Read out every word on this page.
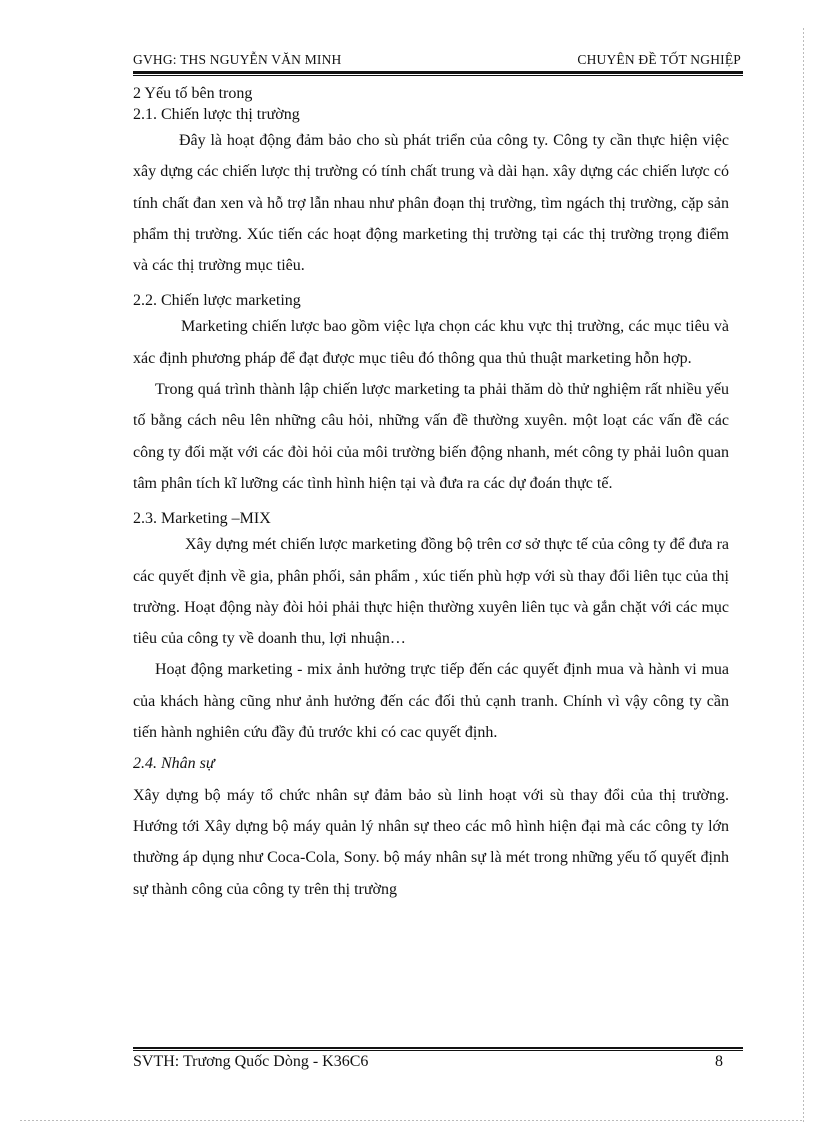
GVHG: THS NGUYỄN VĂN MINH	CHUYÊN ĐỀ TỐT NGHIỆP

2 Yếu tố bên trong

2.1. Chiến lược thị trường

Đây là hoạt động đảm bảo cho sù phát triển của công ty. Công ty cần thực hiện việc xây dựng các chiến lược thị trường có tính chất trung và dài hạn. xây dựng các chiến lược có tính chất đan xen và hỗ trợ lẫn nhau như phân đoạn thị trường, tìm ngách thị trường, cặp sản phẩm thị trường. Xúc tiến các hoạt động marketing thị trường tại các thị trường trọng điểm và các thị trường mục tiêu.

2.2. Chiến lược marketing

Marketing chiến lược bao gồm việc lựa chọn các khu vực thị trường, các mục tiêu và xác định phương pháp để đạt được mục tiêu đó thông qua thủ thuật marketing hỗn hợp.

Trong quá trình thành lập chiến lược marketing ta phải thăm dò thử nghiệm rất nhiều yếu tố bằng cách nêu lên những câu hỏi, những vấn đề thường xuyên. một loạt các vấn đề các công ty đối mặt với các đòi hỏi của môi trường biến động nhanh, mét công ty phải luôn quan tâm phân tích kĩ lưỡng các tình hình hiện tại và đưa ra các dự đoán thực tế.

2.3. Marketing –MIX

Xây dựng mét chiến lược marketing đồng bộ trên cơ sở thực tế của công ty để đưa ra các quyết định về gia, phân phối, sản phẩm , xúc tiến phù hợp với sù thay đổi liên tục của thị trường. Hoạt động này đòi hỏi phải thực hiện thường xuyên liên tục và gắn chặt với các mục tiêu của công ty về doanh thu, lợi nhuận…

Hoạt động marketing - mix ảnh hưởng trực tiếp đến các quyết định mua và hành vi mua của khách hàng cũng như ảnh hưởng đến các đối thủ cạnh tranh. Chính vì vậy công ty cần tiến hành nghiên cứu đầy đủ trước khi có cac quyết định.

2.4. Nhân sự

Xây dựng bộ máy tổ chức nhân sự đảm bảo sù linh hoạt với sù thay đổi của thị trường. Hướng tới Xây dựng bộ máy quản lý nhân sự theo các mô hình hiện đại mà các công ty lớn thường áp dụng như Coca-Cola, Sony. bộ máy nhân sự là mét trong những yếu tố quyết định sự thành công của công ty trên thị trường

SVTH: Trương Quốc Dòng - K36C6	8
